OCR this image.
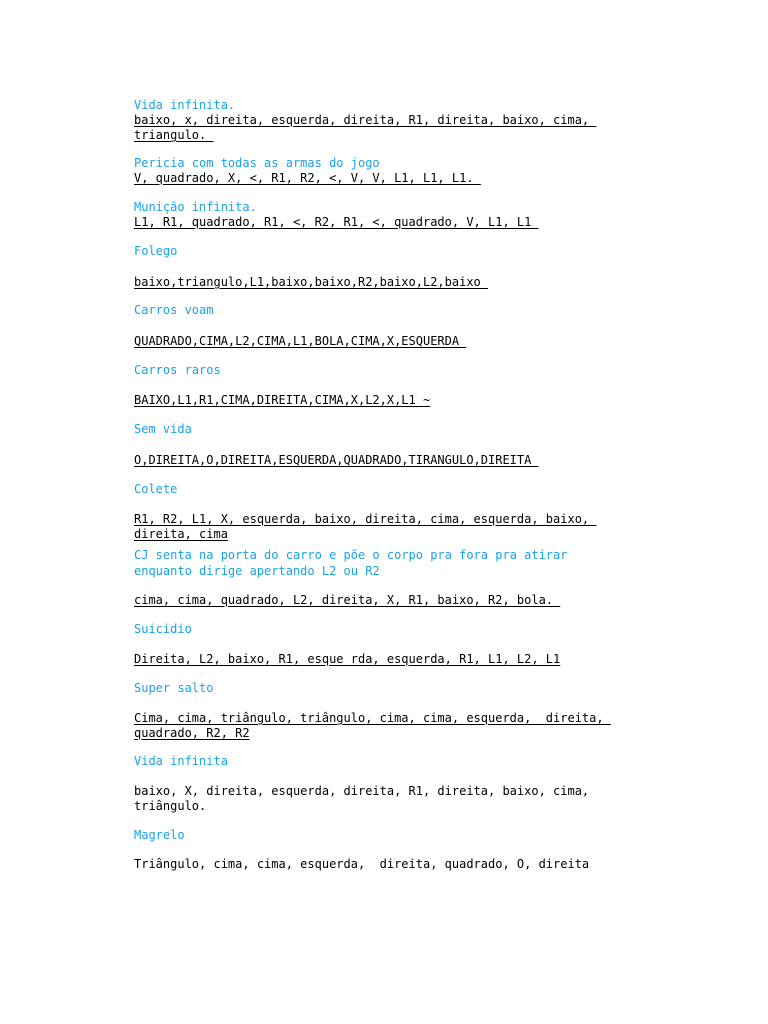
Vida infinita.

baixo, x, direita, esquerda, direita, R1, direita, baixo, cima,
triangulo.

Pericia com todas as armas do jogo

V, quadrado, X, <, R1, R2, <, V, V, L1, L1, L1.

Munição infinita.

L1, R1, quadrado, R1, <, R2, R1, <, quadrado, V, L1, L1

Folego

baixo,triangulo,L1,baixo,baixo,R2,baixo,L2,baixo

Carros voam

QUADRADO,CIMA,L2,CIMA,L1,BOLA,CIMA,X,ESQUERDA

Carros raros

BAIXO,L1,R1,CIMA,DIREITA,CIMA,X,L2,X,L1 ~

Sem vida

O,DIREITA,O,DIREITA,ESQUERDA,QUADRADO,TIRANGULO,DIREITA

Colete

R1, R2, L1, X, esquerda, baixo, direita, cima, esquerda, baixo,
direita, cima

CJ senta na porta do carro e põe o corpo pra fora pra atirar enquanto dirige apertando L2 ou R2

cima, cima, quadrado, L2, direita, X, R1, baixo, R2, bola.

Suicidio

Direita, L2, baixo, R1, esque rda, esquerda, R1, L1, L2, L1

Super salto

Cima, cima, triângulo, triângulo, cima, cima, esquerda,  direita,
quadrado, R2, R2

Vida infinita

baixo, X, direita, esquerda, direita, R1, direita, baixo, cima,
triângulo.

Magrelo

Triângulo, cima, cima, esquerda,  direita, quadrado, O, direita
